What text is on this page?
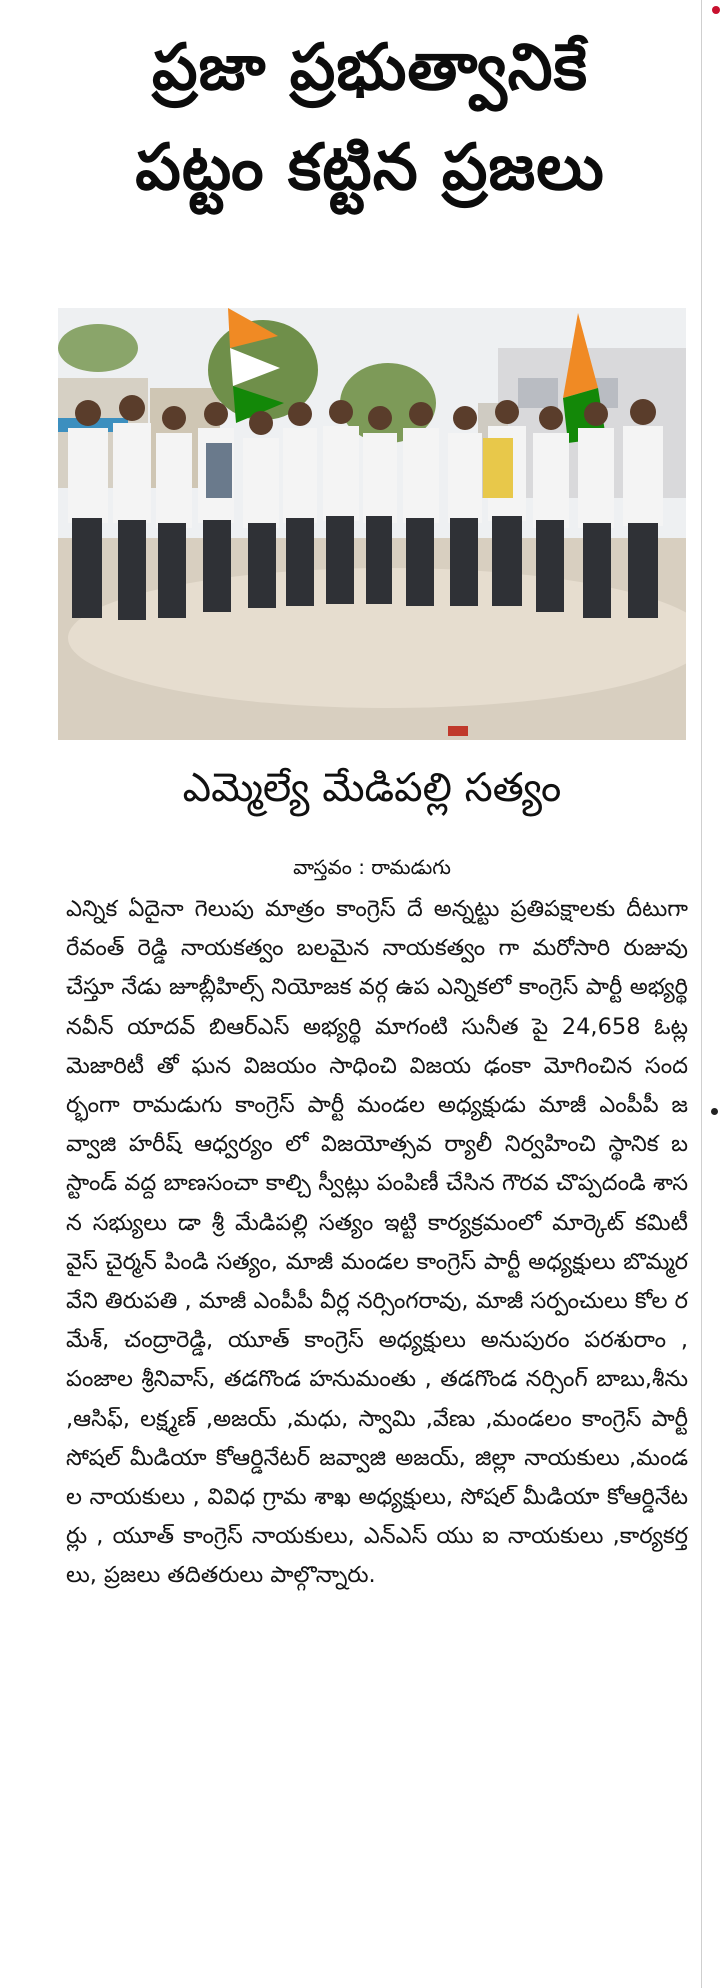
ప్రజా ప్రభుత్వానికే
పట్టం కట్టిన ప్రజలు
ఎమ్మెల్యే మేడిపల్లి సత్యం
వాస్తవం : రామడుగు
ఎన్నిక ఏదైనా గెలుపు మాత్రం కాంగ్రెస్ దే అన్నట్టు ప్రతిపక్షాలకు దీటుగా రేవంత్ రెడ్డి నాయకత్వం బలమైన నాయకత్వం గా మరోసారి రుజువు చేస్తూ నేడు జూబ్లీహిల్స్ నియోజక వర్గ ఉప ఎన్నికలో కాంగ్రెస్ పార్టీ అభ్యర్థి నవీన్ యాదవ్ బిఆర్ఎస్ అభ్యర్థి మాగంటి సునీత పై 24,658 ఓట్ల మెజారిటీ తో ఘన విజయం సాధించి విజయ ఢంకా మోగించిన సందర్భంగా రామడుగు కాంగ్రెస్ పార్టీ మండల అధ్యక్షుడు మాజీ ఎంపీపీ జవ్వాజి హరీష్ ఆధ్వర్యం లో విజయోత్సవ ర్యాలీ నిర్వహించి స్థానిక బస్టాండ్ వద్ద బాణసంచా కాల్చి స్వీట్లు పంపిణీ చేసిన గౌరవ చొప్పదండి శాసన సభ్యులు డా శ్రీ మేడిపల్లి సత్యం ఇట్టి కార్యక్రమంలో మార్కెట్ కమిటీ వైస్ చైర్మన్ పిండి సత్యం, మాజీ మండల కాంగ్రెస్ పార్టీ అధ్యక్షులు బొమ్మరవేని తిరుపతి , మాజీ ఎంపీపీ వీర్ల నర్సింగరావు, మాజీ సర్పంచులు కోల రమేశ్, చంద్రారెడ్డి, యూత్ కాంగ్రెస్ అధ్యక్షులు అనుపురం పరశురాం , పంజాల శ్రీనివాస్, తడగొండ హనుమంతు , తడగొండ నర్సింగ్ బాబు,శీను ,ఆసిఫ్, లక్ష్మణ్ ,అజయ్ ,మధు, స్వామి ,వేణు ,మండలం కాంగ్రెస్ పార్టీ సోషల్ మీడియా కోఆర్డినేటర్ జవ్వాజి అజయ్, జిల్లా నాయకులు ,మండల నాయకులు , వివిధ గ్రామ శాఖ అధ్యక్షులు, సోషల్ మీడియా కోఆర్డినేటర్లు , యూత్ కాంగ్రెస్ నాయకులు, ఎన్ఎస్ యు ఐ నాయకులు ,కార్యకర్తలు, ప్రజలు తదితరులు పాల్గొన్నారు.
